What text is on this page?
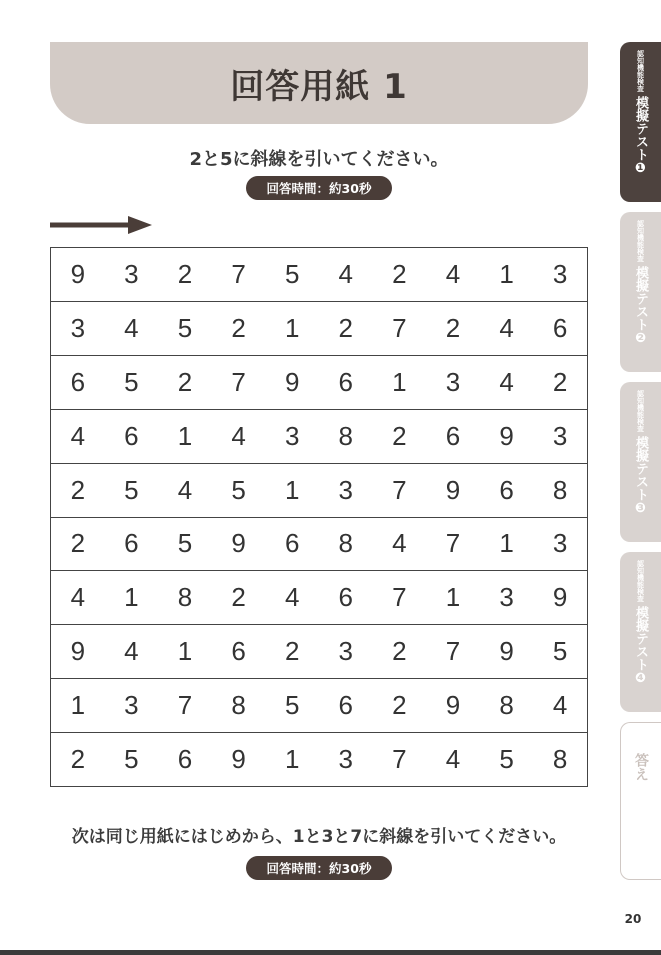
回答用紙 1
2と5に斜線を引いてください。
回答時間：約30秒
9	3	2	7	5	4	2	4	1	3
3	4	5	2	1	2	7	2	4	6
6	5	2	7	9	6	1	3	4	2
4	6	1	4	3	8	2	6	9	3
2	5	4	5	1	3	7	9	6	8
2	6	5	9	6	8	4	7	1	3
4	1	8	2	4	6	7	1	3	9
9	4	1	6	2	3	2	7	9	5
1	3	7	8	5	6	2	9	8	4
2	5	6	9	1	3	7	4	5	8
次は同じ用紙にはじめから、1と3と7に斜線を引いてください。
回答時間：約30秒
認知機能検査
模擬テスト❶
認知機能検査
模擬テスト❷
認知機能検査
模擬テスト❸
認知機能検査
模擬テスト❹
答え
20
